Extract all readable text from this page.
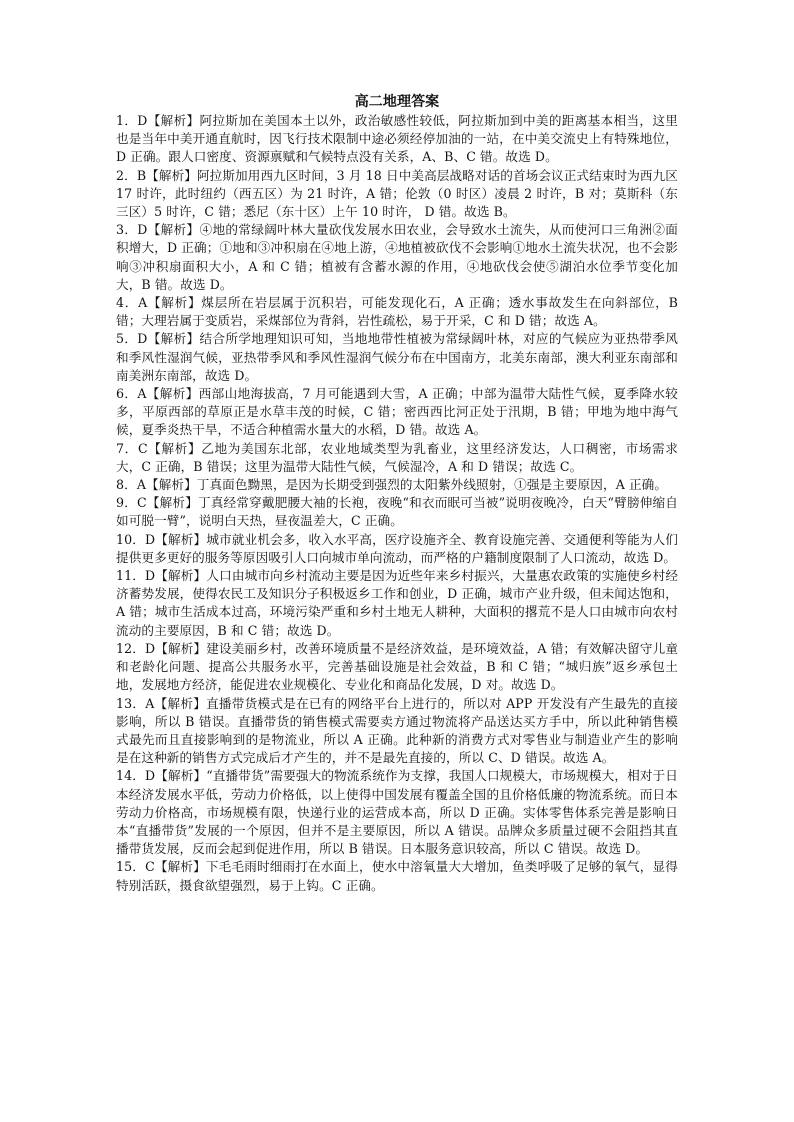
高二地理答案

1．D【解析】阿拉斯加在美国本土以外，政治敏感性较低，阿拉斯加到中美的距离基本相当，这里也是当年中美开通直航时，因飞行技术限制中途必须经停加油的一站，在中美交流史上有特殊地位，D 正确。跟人口密度、资源禀赋和气候特点没有关系，A、B、C 错。故选 D。

2．B【解析】阿拉斯加用西九区时间，3 月 18 日中美高层战略对话的首场会议正式结束时为西九区 17 时许，此时纽约（西五区）为 21 时许，A 错；伦敦（0 时区）凌晨 2 时许，B 对；莫斯科（东三区）5 时许，C 错；悉尼（东十区）上午 10 时许， D 错。故选 B。

3．D【解析】④地的常绿阔叶林大量砍伐发展水田农业，会导致水土流失，从而使河口三角洲②面积增大，D 正确；①地和③冲积扇在④地上游，④地植被砍伐不会影响①地水土流失状况，也不会影响③冲积扇面积大小，A 和 C 错；植被有含蓄水源的作用，④地砍伐会使⑤湖泊水位季节变化加大，B 错。故选 D。

4．A【解析】煤层所在岩层属于沉积岩，可能发现化石，A 正确；透水事故发生在向斜部位，B 错；大理岩属于变质岩，采煤部位为背斜，岩性疏松，易于开采，C 和 D 错；故选 A。

5．D【解析】结合所学地理知识可知，当地地带性植被为常绿阔叶林，对应的气候应为亚热带季风和季风性湿润气候，亚热带季风和季风性湿润气候分布在中国南方，北美东南部，澳大利亚东南部和南美洲东南部，故选 D。

6．A【解析】西部山地海拔高，7 月可能遇到大雪，A 正确；中部为温带大陆性气候，夏季降水较多，平原西部的草原正是水草丰茂的时候，C 错；密西西比河正处于汛期，B 错；甲地为地中海气候，夏季炎热干旱，不适合种植需水量大的水稻，D 错。故选 A。

7．C【解析】乙地为美国东北部，农业地域类型为乳畜业，这里经济发达，人口稠密，市场需求大，C 正确，B 错误；这里为温带大陆性气候，气候湿冷，A 和 D 错误；故选 C。

8．A【解析】丁真面色黝黑，是因为长期受到强烈的太阳紫外线照射，①强是主要原因，A 正确。

9．C【解析】丁真经常穿戴肥腰大袖的长袍，夜晚“和衣而眠可当被”说明夜晚冷，白天“臂膀伸缩自如可脱一臂”，说明白天热，昼夜温差大，C 正确。

10．D【解析】城市就业机会多，收入水平高，医疗设施齐全、教育设施完善、交通便利等能为人们提供更多更好的服务等原因吸引人口向城市单向流动，而严格的户籍制度限制了人口流动，故选 D。

11．D【解析】人口由城市向乡村流动主要是因为近些年来乡村振兴，大量惠农政策的实施使乡村经济蓄势发展，使得农民工及知识分子积极返乡工作和创业，D 正确，城市产业升级，但未闻达饱和，A 错；城市生活成本过高，环境污染严重和乡村土地无人耕种，大面积的撂荒不是人口由城市向农村流动的主要原因，B 和 C 错；故选 D。

12．D【解析】建设美丽乡村，改善环境质量不是经济效益，是环境效益，A 错；有效解决留守儿童和老龄化问题、提高公共服务水平，完善基础设施是社会效益，B 和 C 错；“城归族”返乡承包土地，发展地方经济，能促进农业规模化、专业化和商品化发展，D 对。故选 D。

13．A【解析】直播带货模式是在已有的网络平台上进行的，所以对 APP 开发没有产生最先的直接影响，所以 B 错误。直播带货的销售模式需要卖方通过物流将产品送达买方手中，所以此种销售模式最先而且直接影响到的是物流业，所以 A 正确。此种新的消费方式对零售业与制造业产生的影响是在这种新的销售方式完成后才产生的，并不是最先直接的，所以 C、D 错误。故选 A。

14．D【解析】“直播带货”需要强大的物流系统作为支撑，我国人口规模大，市场规模大，相对于日本经济发展水平低，劳动力价格低，以上使得中国发展有覆盖全国的且价格低廉的物流系统。而日本劳动力价格高，市场规模有限，快递行业的运营成本高，所以 D 正确。实体零售体系完善是影响日本“直播带货”发展的一个原因，但并不是主要原因，所以 A 错误。品牌众多质量过硬不会阻挡其直播带货发展，反而会起到促进作用，所以 B 错误。日本服务意识较高，所以 C 错误。故选 D。

15．C【解析】下毛毛雨时细雨打在水面上，使水中溶氧量大大增加，鱼类呼吸了足够的氧气，显得特别活跃，摄食欲望强烈，易于上钩。C 正确。
